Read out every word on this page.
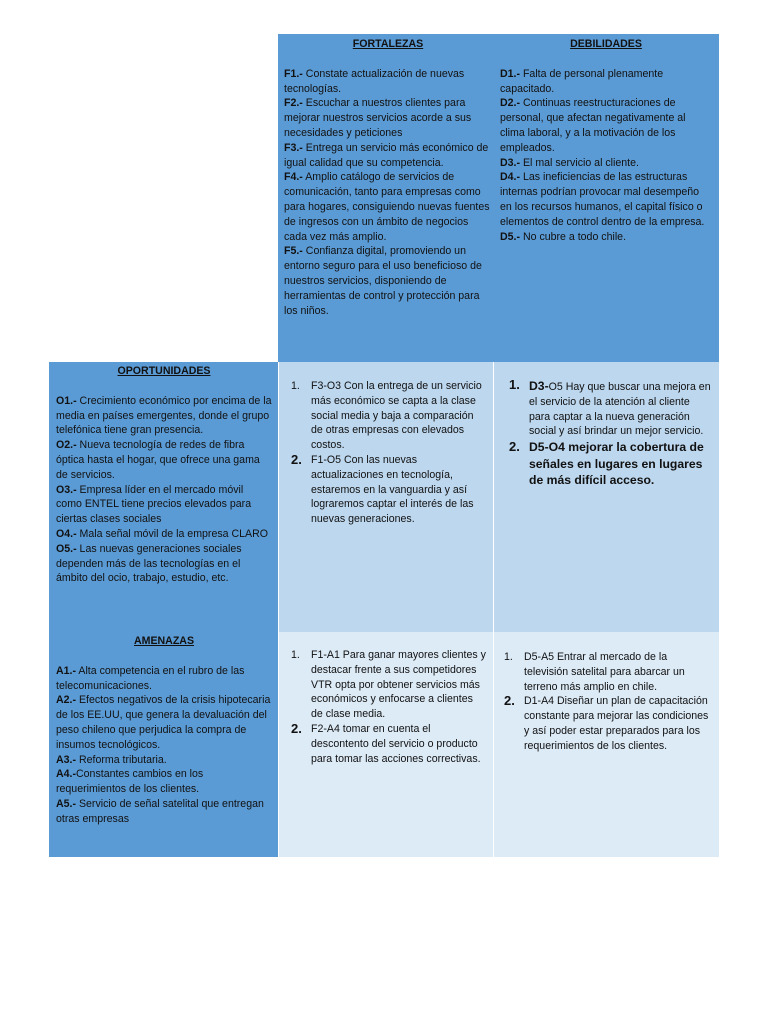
FORTALEZAS
F1.- Constate actualización de nuevas tecnologías.
F2.- Escuchar a nuestros clientes para mejorar nuestros servicios acorde a sus necesidades y peticiones
F3.- Entrega un servicio más económico de igual calidad que su competencia.
F4.- Amplio catálogo de servicios de comunicación, tanto para empresas como para hogares, consiguiendo nuevas fuentes de ingresos con un ámbito de negocios cada vez más amplio.
F5.- Confianza digital, promoviendo un entorno seguro para el uso beneficioso de nuestros servicios, disponiendo de herramientas de control y protección para los niños.
DEBILIDADES
D1.- Falta de personal plenamente capacitado.
D2.- Continuas reestructuraciones de personal, que afectan negativamente al clima laboral, y a la motivación de los empleados.
D3.- El mal servicio al cliente.
D4.- Las ineficiencias de las estructuras internas podrían provocar mal desempeño en los recursos humanos, el capital físico o elementos de control dentro de la empresa.
D5.- No cubre a todo chile.
OPORTUNIDADES
O1.- Crecimiento económico por encima de la media en países emergentes, donde el grupo telefónica tiene gran presencia.
O2.- Nueva tecnología de redes de fibra óptica hasta el hogar, que ofrece una gama de servicios.
O3.- Empresa líder en el mercado móvil como ENTEL tiene precios elevados para ciertas clases sociales
O4.- Mala señal móvil de la empresa CLARO
O5.- Las nuevas generaciones sociales dependen más de las tecnologías en el ámbito del ocio, trabajo, estudio, etc.
1. F3-O3 Con la entrega de un servicio más económico se capta a la clase social media y baja a comparación de otras empresas con elevados costos.
2. F1-O5 Con las nuevas actualizaciones en tecnología, estaremos en la vanguardia y así lograremos captar el interés de las nuevas generaciones.
1. D3-O5 Hay que buscar una mejora en el servicio de la atención al cliente para captar a la nueva generación social y así brindar un mejor servicio.
2. D5-O4 mejorar la cobertura de señales en lugares en lugares de más difícil acceso.
AMENAZAS
A1.- Alta competencia en el rubro de las telecomunicaciones.
A2.- Efectos negativos de la crisis hipotecaria de los EE.UU, que genera la devaluación del peso chileno que perjudica la compra de insumos tecnológicos.
A3.- Reforma tributaria.
A4.-Constantes cambios en los requerimientos de los clientes.
A5.- Servicio de señal satelital que entregan otras empresas
1. F1-A1 Para ganar mayores clientes y destacar frente a sus competidores VTR opta por obtener servicios más económicos y enfocarse a clientes de clase media.
2. F2-A4 tomar en cuenta el descontento del servicio o producto para tomar las acciones correctivas.
1. D5-A5 Entrar al mercado de la televisión satelital para abarcar un terreno más amplio en chile.
2. D1-A4 Diseñar un plan de capacitación constante para mejorar las condiciones y así poder estar preparados para los requerimientos de los clientes.
